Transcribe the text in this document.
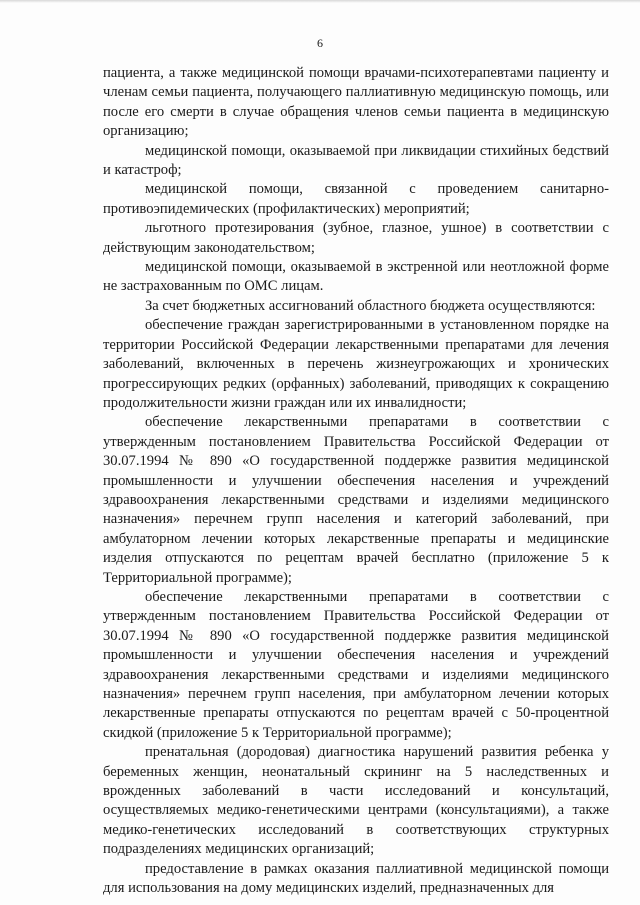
6

пациента, а также медицинской помощи врачами-психотерапевтами пациенту и членам семьи пациента, получающего паллиативную медицинскую помощь, или после его смерти в случае обращения членов семьи пациента в медицинскую организацию;

медицинской помощи, оказываемой при ликвидации стихийных бедствий и катастроф;

медицинской помощи, связанной с проведением санитарно-противоэпидемических (профилактических) мероприятий;

льготного протезирования (зубное, глазное, ушное) в соответствии с действующим законодательством;

медицинской помощи, оказываемой в экстренной или неотложной форме не застрахованным по ОМС лицам.

За счет бюджетных ассигнований областного бюджета осуществляются:

обеспечение граждан зарегистрированными в установленном порядке на территории Российской Федерации лекарственными препаратами для лечения заболеваний, включенных в перечень жизнеугрожающих и хронических прогрессирующих редких (орфанных) заболеваний, приводящих к сокращению продолжительности жизни граждан или их инвалидности;

обеспечение лекарственными препаратами в соответствии с утвержденным постановлением Правительства Российской Федерации от 30.07.1994 № 890 «О государственной поддержке развития медицинской промышленности и улучшении обеспечения населения и учреждений здравоохранения лекарственными средствами и изделиями медицинского назначения» перечнем групп населения и категорий заболеваний, при амбулаторном лечении которых лекарственные препараты и медицинские изделия отпускаются по рецептам врачей бесплатно (приложение 5 к Территориальной программе);

обеспечение лекарственными препаратами в соответствии с утвержденным постановлением Правительства Российской Федерации от 30.07.1994 № 890 «О государственной поддержке развития медицинской промышленности и улучшении обеспечения населения и учреждений здравоохранения лекарственными средствами и изделиями медицинского назначения» перечнем групп населения, при амбулаторном лечении которых лекарственные препараты отпускаются по рецептам врачей с 50-процентной скидкой (приложение 5 к Территориальной программе);

пренатальная (дородовая) диагностика нарушений развития ребенка у беременных женщин, неонатальный скрининг на 5 наследственных и врожденных заболеваний в части исследований и консультаций, осуществляемых медико-генетическими центрами (консультациями), а также медико-генетических исследований в соответствующих структурных подразделениях медицинских организаций;

предоставление в рамках оказания паллиативной медицинской помощи для использования на дому медицинских изделий, предназначенных для
